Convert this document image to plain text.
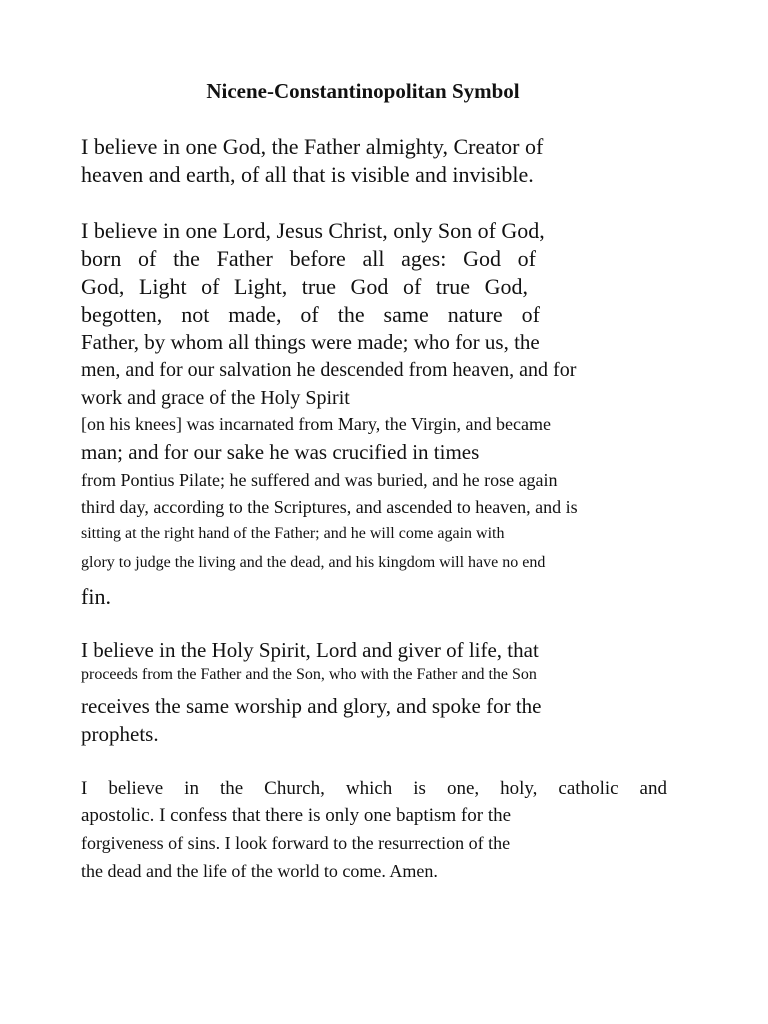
Nicene-Constantinopolitan Symbol
I believe in one God, the Father almighty, Creator of
heaven and earth, of all that is visible and invisible.
I believe in one Lord, Jesus Christ, only Son of God,
born of the Father before all ages: God of
God, Light of Light, true God of true God,
begotten, not made, of the same nature of
Father, by whom all things were made; who for us, the
men, and for our salvation he descended from heaven, and for
work and grace of the Holy Spirit
[on his knees] was incarnated from Mary, the Virgin, and became
man; and for our sake he was crucified in times
from Pontius Pilate; he suffered and was buried, and he rose again
third day, according to the Scriptures, and ascended to heaven, and is
sitting at the right hand of the Father; and he will come again with
glory to judge the living and the dead, and his kingdom will have no end
fin.
I believe in the Holy Spirit, Lord and giver of life, that
proceeds from the Father and the Son, who with the Father and the Son
receives the same worship and glory, and spoke for the
prophets.
I believe in the Church, which is one, holy, catholic and
apostolic. I confess that there is only one baptism for the
forgiveness of sins. I look forward to the resurrection of the
the dead and the life of the world to come. Amen.
